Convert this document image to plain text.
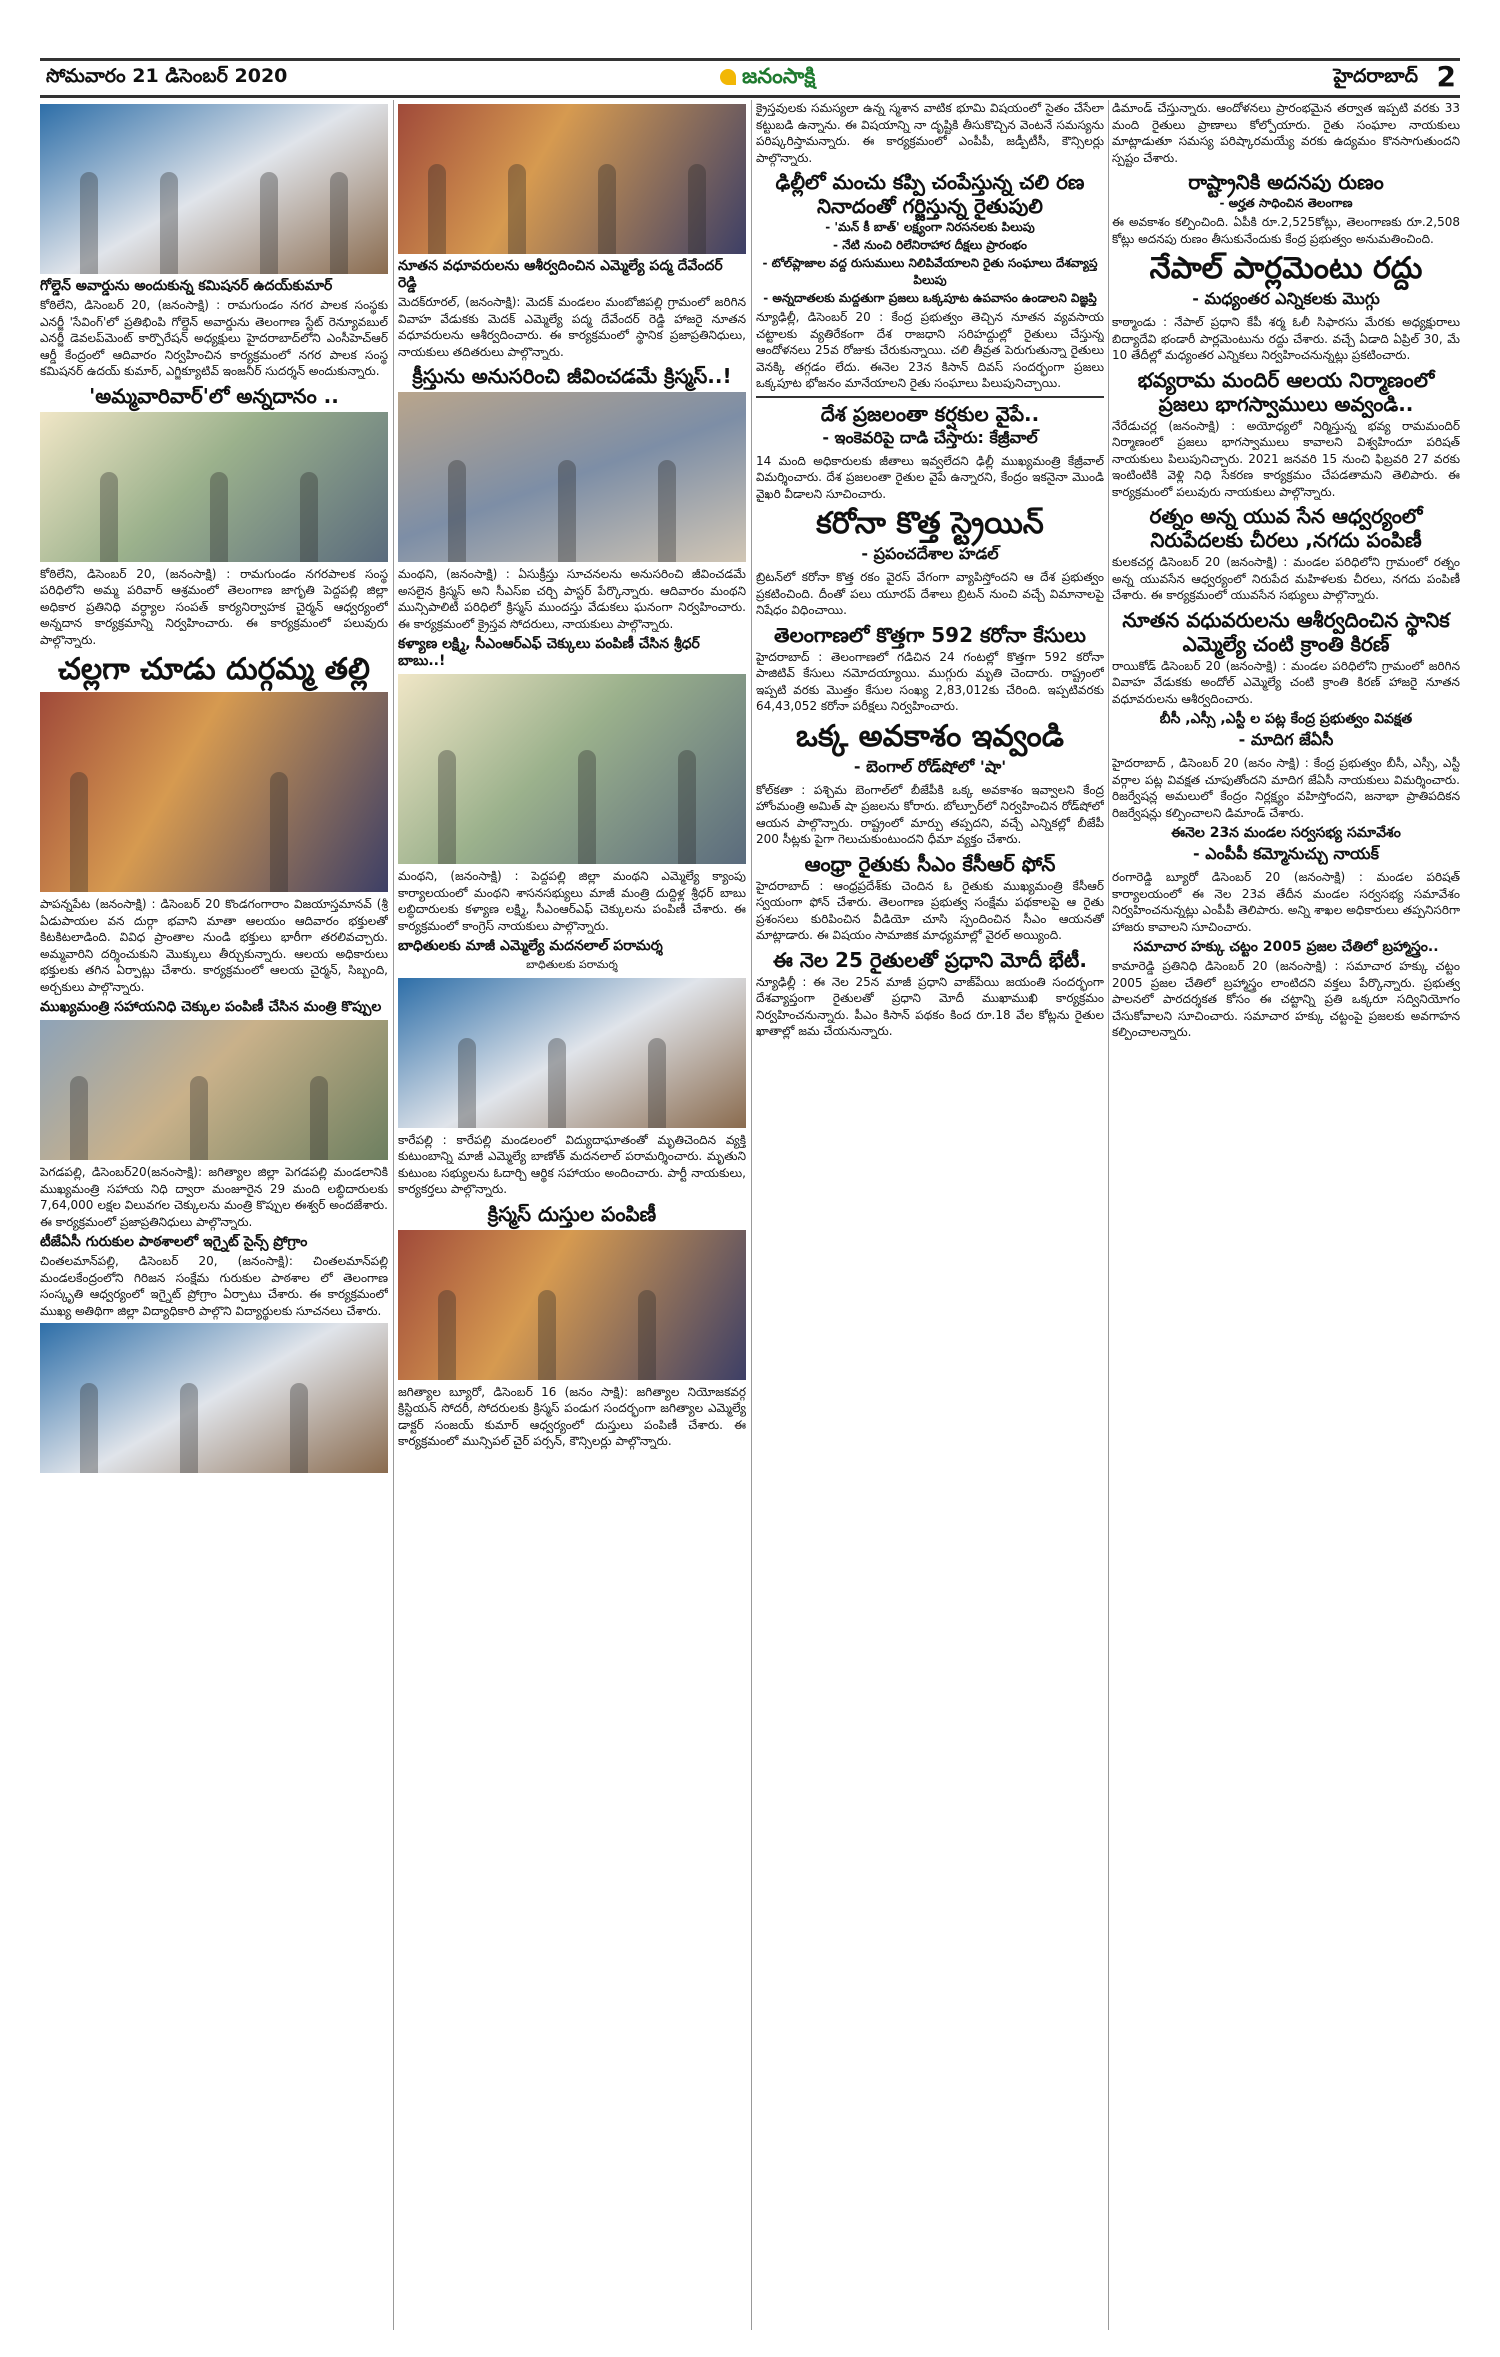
సోమవారం 21 డిసెంబర్ 2020	జనంసాక్షి	హైదరాబాద్ 2
గోల్డెన్ అవార్డును అందుకున్న కమిషనర్ ఉదయ్‌కుమార్

కోఠిలేని, డిసెంబర్ 20, (జనంసాక్షి) : రామగుండం నగర పాలక సంస్థకు ఎనర్జీ 'సేవింగ్'లో ప్రతిభింపి గోల్డెన్ అవార్డును తెలంగాణ స్టేట్ రెన్యూవబుల్ ఎనర్జీ డెవలప్‌మెంట్ కార్పొరేషన్ అధ్యక్షులు హైదరాబాద్‌లోని ఎంసీహెచ్ఆర్ ఆర్డీ కేంద్రంలో ఆదివారం నిర్వహించిన కార్యక్రమంలో నగర పాలక సంస్థ కమిషనర్ ఉదయ్ కుమార్, ఎగ్జిక్యూటివ్ ఇంజనీర్ సుదర్శన్ అందుకున్నారు.

'అమ్మవారివార్'లో అన్నదానం ..

కోఠిలేని, డిసెంబర్ 20, (జనంసాక్షి) : రామగుండం నగరపాలక సంస్థ పరిధిలోని అమ్మ పరివార్ ఆశ్రమంలో తెలంగాణ జాగృతి పెద్దపల్లి జిల్లా అధికార ప్రతినిధి వర్ధ్యాల సంపత్ కార్యనిర్వాహక చైర్మన్ ఆధ్వర్యంలో అన్నదాన కార్యక్రమాన్ని నిర్వహించారు. ఈ కార్యక్రమంలో పలువురు పాల్గొన్నారు.

చల్లగా చూడు దుర్గమ్మ తల్లి

పాపన్నపేట (జనంసాక్షి) : డిసెంబర్ 20 కొండగంగారాం విజయాస్తమానవ్ (శ్రీ ఏడుపాయల వన దుర్గా భవాని మాతా ఆలయం ఆదివారం భక్తులతో కిటకిటలాడింది. వివిధ ప్రాంతాల నుండి భక్తులు భారీగా తరలివచ్చారు. అమ్మవారిని దర్శించుకుని మొక్కులు తీర్చుకున్నారు. ఆలయ అధికారులు భక్తులకు తగిన ఏర్పాట్లు చేశారు. కార్యక్రమంలో ఆలయ చైర్మన్, సిబ్బంది, అర్చకులు పాల్గొన్నారు.

ముఖ్యమంత్రి సహాయనిధి చెక్కుల పంపిణీ చేసిన మంత్రి కొప్పుల

పెగడపల్లి, డిసెంబర్20(జనంసాక్షి): జగిత్యాల జిల్లా పెగడపల్లి మండలానికి ముఖ్యమంత్రి సహాయ నిధి ద్వారా మంజూరైన 29 మంది లబ్ధిదారులకు 7,64,000 లక్షల విలువగల చెక్కులను మంత్రి కొప్పుల ఈశ్వర్ అందజేశారు. ఈ కార్యక్రమంలో ప్రజాప్రతినిధులు పాల్గొన్నారు.

టీజేఏసీ గురుకుల పాఠశాలలో ఇగ్నైట్ సైన్స్ ప్రోగ్రాం

చింతలమాన్‌పల్లి, డిసెంబర్ 20, (జనంసాక్షి): చింతలమాన్‌పల్లి మండలకేంద్రంలోని గిరిజన సంక్షేమ గురుకుల పాఠశాల లో తెలంగాణ సంస్కృతి ఆధ్వర్యంలో ఇగ్నైట్ ప్రోగ్రాం ఏర్పాటు చేశారు. ఈ కార్యక్రమంలో ముఖ్య అతిథిగా జిల్లా విద్యాధికారి పాల్గొని విద్యార్థులకు సూచనలు చేశారు.

నూతన వధూవరులను ఆశీర్వదించిన ఎమ్మెల్యే పద్మ దేవేందర్ రెడ్డి

మెదక్‌రూరల్, (జనంసాక్షి): మెదక్ మండలం మంబోజిపల్లి గ్రామంలో జరిగిన వివాహ వేడుకకు మెదక్ ఎమ్మెల్యే పద్మ దేవేందర్ రెడ్డి హాజరై నూతన వధూవరులను ఆశీర్వదించారు. ఈ కార్యక్రమంలో స్థానిక ప్రజాప్రతినిధులు, నాయకులు తదితరులు పాల్గొన్నారు.

క్రీస్తును అనుసరించి జీవించడమే క్రిస్మస్..!

మంథని, (జనంసాక్షి) : ఏసుక్రీస్తు సూచనలను అనుసరించి జీవించడమే అసలైన క్రిస్మస్ అని సీఎస్ఐ చర్చి పాస్టర్ పేర్కొన్నారు. ఆదివారం మంథని మున్సిపాలిటీ పరిధిలో క్రిస్మస్ ముందస్తు వేడుకలు ఘనంగా నిర్వహించారు. ఈ కార్యక్రమంలో క్రైస్తవ సోదరులు, నాయకులు పాల్గొన్నారు.

కళ్యాణ లక్ష్మి, సీఎంఆర్ఎఫ్ చెక్కులు పంపిణీ చేసిన శ్రీధర్ బాబు..!

మంథని, (జనంసాక్షి) : పెద్దపల్లి జిల్లా మంథని ఎమ్మెల్యే క్యాంపు కార్యాలయంలో మంథని శాసనసభ్యులు మాజీ మంత్రి దుద్దిళ్ల శ్రీధర్ బాబు లబ్ధిదారులకు కళ్యాణ లక్ష్మి, సీఎంఆర్ఎఫ్ చెక్కులను పంపిణీ చేశారు. ఈ కార్యక్రమంలో కాంగ్రెస్ నాయకులు పాల్గొన్నారు.

బాధితులకు మాజీ ఎమ్మెల్యే మదనలాల్ పరామర్శ
బాధితులకు పరామర్శ

కారేపల్లి : కారేపల్లి మండలంలో విద్యుదాఘాతంతో మృతిచెందిన వ్యక్తి కుటుంబాన్ని మాజీ ఎమ్మెల్యే బాణోత్ మదనలాల్ పరామర్శించారు. మృతుని కుటుంబ సభ్యులను ఓదార్చి ఆర్థిక సహాయం అందించారు. పార్టీ నాయకులు, కార్యకర్తలు పాల్గొన్నారు.

క్రిస్మస్ దుస్తుల పంపిణీ

జగిత్యాల బ్యూరో, డిసెంబర్ 16 (జనం సాక్షి): జగిత్యాల నియోజకవర్గ క్రిస్టియన్ సోదరీ, సోదరులకు క్రిస్మస్ పండుగ సందర్భంగా జగిత్యాల ఎమ్మెల్యే డాక్టర్ సంజయ్ కుమార్ ఆధ్వర్యంలో దుస్తులు పంపిణీ చేశారు. ఈ కార్యక్రమంలో మున్సిపల్ చైర్ పర్సన్, కౌన్సిలర్లు పాల్గొన్నారు.

క్రైస్తవులకు సమస్యలా ఉన్న స్మశాన వాటిక భూమి విషయంలో సైతం చేసేలా కట్టుబడి ఉన్నాను. ఈ విషయాన్ని నా దృష్టికి తీసుకొచ్చిన వెంటనే సమస్యను పరిష్కరిస్తామన్నారు. ఈ కార్యక్రమంలో ఎంపీపీ, జడ్పీటీసీ, కౌన్సిలర్లు పాల్గొన్నారు.

ఢిల్లీలో మంచు కప్పి చంపేస్తున్న చలి రణ నినాదంతో గర్జిస్తున్న రైతుపులి
- 'మన్ కీ బాత్' లక్ష్యంగా నిరసనలకు పిలుపు
- నేటి నుంచి రిలేనిరాహార దీక్షలు ప్రారంభం
- టోల్‌ప్లాజాల వద్ద రుసుములు నిలిపివేయాలని రైతు సంఘాలు దేశవ్యాప్త పిలుపు
- అన్నదాతలకు మద్దతుగా ప్రజలు ఒక్కపూట ఉపవాసం ఉండాలని విజ్ఞప్తి

న్యూఢిల్లీ, డిసెంబర్ 20 : కేంద్ర ప్రభుత్వం తెచ్చిన నూతన వ్యవసాయ చట్టాలకు వ్యతిరేకంగా దేశ రాజధాని సరిహద్దుల్లో రైతులు చేస్తున్న ఆందోళనలు 25వ రోజుకు చేరుకున్నాయి. చలి తీవ్రత పెరుగుతున్నా రైతులు వెనక్కి తగ్గడం లేదు. ఈనెల 23న కిసాన్ దివస్ సందర్భంగా ప్రజలు ఒక్కపూట భోజనం మానేయాలని రైతు సంఘాలు పిలుపునిచ్చాయి.

దేశ ప్రజలంతా కర్షకుల వైపే..
- ఇంకెవరిపై దాడి చేస్తారు: కేజ్రీవాల్

14 మంది అధికారులకు జీతాలు ఇవ్వలేదని ఢిల్లీ ముఖ్యమంత్రి కేజ్రీవాల్ విమర్శించారు. దేశ ప్రజలంతా రైతుల వైపే ఉన్నారని, కేంద్రం ఇకనైనా మొండి వైఖరి వీడాలని సూచించారు.

కరోనా కొత్త స్ట్రెయిన్
- ప్రపంచదేశాల హడల్

బ్రిటన్‌లో కరోనా కొత్త రకం వైరస్ వేగంగా వ్యాపిస్తోందని ఆ దేశ ప్రభుత్వం ప్రకటించింది. దీంతో పలు యూరప్ దేశాలు బ్రిటన్ నుంచి వచ్చే విమానాలపై నిషేధం విధించాయి.

తెలంగాణలో కొత్తగా 592 కరోనా కేసులు

హైదరాబాద్ : తెలంగాణలో గడిచిన 24 గంటల్లో కొత్తగా 592 కరోనా పాజిటివ్ కేసులు నమోదయ్యాయి. ముగ్గురు మృతి చెందారు. రాష్ట్రంలో ఇప్పటి వరకు మొత్తం కేసుల సంఖ్య 2,83,012కు చేరింది. ఇప్పటివరకు 64,43,052 కరోనా పరీక్షలు నిర్వహించారు.

ఒక్క అవకాశం ఇవ్వండి
- బెంగాల్ రోడ్‌షోలో 'షా'

కోల్‌కతా : పశ్చిమ బెంగాల్‌లో బీజేపీకి ఒక్క అవకాశం ఇవ్వాలని కేంద్ర హోంమంత్రి అమిత్ షా ప్రజలను కోరారు. బోల్పూర్‌లో నిర్వహించిన రోడ్‌షోలో ఆయన పాల్గొన్నారు. రాష్ట్రంలో మార్పు తప్పదని, వచ్చే ఎన్నికల్లో బీజేపీ 200 సీట్లకు పైగా గెలుచుకుంటుందని ధీమా వ్యక్తం చేశారు.

ఆంధ్రా రైతుకు సీఎం కేసీఆర్ ఫోన్

హైదరాబాద్ : ఆంధ్రప్రదేశ్‌కు చెందిన ఓ రైతుకు ముఖ్యమంత్రి కేసీఆర్ స్వయంగా ఫోన్ చేశారు. తెలంగాణ ప్రభుత్వ సంక్షేమ పథకాలపై ఆ రైతు ప్రశంసలు కురిపించిన వీడియో చూసి స్పందించిన సీఎం ఆయనతో మాట్లాడారు. ఈ విషయం సామాజిక మాధ్యమాల్లో వైరల్ అయ్యింది.

ఈ నెల 25 రైతులతో ప్రధాని మోదీ భేటీ.

న్యూఢిల్లీ : ఈ నెల 25న మాజీ ప్రధాని వాజ్‌పేయి జయంతి సందర్భంగా దేశవ్యాప్తంగా రైతులతో ప్రధాని మోదీ ముఖాముఖి కార్యక్రమం నిర్వహించనున్నారు. పీఎం కిసాన్ పథకం కింద రూ.18 వేల కోట్లను రైతుల ఖాతాల్లో జమ చేయనున్నారు.

డిమాండ్ చేస్తున్నారు. ఆందోళనలు ప్రారంభమైన తర్వాత ఇప్పటి వరకు 33 మంది రైతులు ప్రాణాలు కోల్పోయారు. రైతు సంఘాల నాయకులు మాట్లాడుతూ సమస్య పరిష్కారమయ్యే వరకు ఉద్యమం కొనసాగుతుందని స్పష్టం చేశారు.

రాష్ట్రానికి అదనపు రుణం
- అర్హత సాధించిన తెలంగాణ

ఈ అవకాశం కల్పించింది. ఏపీకి రూ.2,525కోట్లు, తెలంగాణకు రూ.2,508 కోట్లు అదనపు రుణం తీసుకునేందుకు కేంద్ర ప్రభుత్వం అనుమతించింది.

నేపాల్ పార్లమెంటు రద్దు
- మధ్యంతర ఎన్నికలకు మొగ్గు

కాఠ్మాండు : నేపాల్ ప్రధాని కేపీ శర్మ ఓలీ సిఫారసు మేరకు అధ్యక్షురాలు బిద్యాదేవి భండారీ పార్లమెంటును రద్దు చేశారు. వచ్చే ఏడాది ఏప్రిల్ 30, మే 10 తేదీల్లో మధ్యంతర ఎన్నికలు నిర్వహించనున్నట్లు ప్రకటించారు.

భవ్యరామ మందిర్ ఆలయ నిర్మాణంలో ప్రజలు భాగస్వాములు అవ్వండి..

నేరేడుచర్ల (జనంసాక్షి) : అయోధ్యలో నిర్మిస్తున్న భవ్య రామమందిర్ నిర్మాణంలో ప్రజలు భాగస్వాములు కావాలని విశ్వహిందూ పరిషత్ నాయకులు పిలుపునిచ్చారు. 2021 జనవరి 15 నుంచి ఫిబ్రవరి 27 వరకు ఇంటింటికి వెళ్లి నిధి సేకరణ కార్యక్రమం చేపడతామని తెలిపారు. ఈ కార్యక్రమంలో పలువురు నాయకులు పాల్గొన్నారు.

రత్నం అన్న యువ సేన ఆధ్వర్యంలో నిరుపేదలకు చీరలు ,నగదు పంపిణీ

కులకచర్ల డిసెంబర్ 20 (జనంసాక్షి) : మండల పరిధిలోని గ్రామంలో రత్నం అన్న యువసేన ఆధ్వర్యంలో నిరుపేద మహిళలకు చీరలు, నగదు పంపిణీ చేశారు. ఈ కార్యక్రమంలో యువసేన సభ్యులు పాల్గొన్నారు.

నూతన వధువరులను ఆశీర్వదించిన స్థానిక ఎమ్మెల్యే చంటి క్రాంతి కిరణ్

రాయికోడ్ డిసెంబర్ 20 (జనంసాక్షి) : మండల పరిధిలోని గ్రామంలో జరిగిన వివాహ వేడుకకు అందోల్ ఎమ్మెల్యే చంటి క్రాంతి కిరణ్ హాజరై నూతన వధూవరులను ఆశీర్వదించారు.

బీసీ ,ఎస్సీ ,ఎస్టీ ల పట్ల కేంద్ర ప్రభుత్వం వివక్షత
- మాదిగ జేఏసీ

హైదరాబాద్ , డిసెంబర్ 20 (జనం సాక్షి) : కేంద్ర ప్రభుత్వం బీసీ, ఎస్సీ, ఎస్టీ వర్గాల పట్ల వివక్షత చూపుతోందని మాదిగ జేఏసీ నాయకులు విమర్శించారు. రిజర్వేషన్ల అమలులో కేంద్రం నిర్లక్ష్యం వహిస్తోందని, జనాభా ప్రాతిపదికన రిజర్వేషన్లు కల్పించాలని డిమాండ్ చేశారు.

ఈనెల 23న మండల సర్వసభ్య సమావేశం
- ఎంపీపీ కమ్మోనుచ్చు నాయక్

రంగారెడ్డి బ్యూరో డిసెంబర్ 20 (జనంసాక్షి) : మండల పరిషత్ కార్యాలయంలో ఈ నెల 23వ తేదీన మండల సర్వసభ్య సమావేశం నిర్వహించనున్నట్లు ఎంపీపీ తెలిపారు. అన్ని శాఖల అధికారులు తప్పనిసరిగా హాజరు కావాలని సూచించారు.

సమాచార హక్కు చట్టం 2005 ప్రజల చేతిలో బ్రహ్మాస్త్రం..

కామారెడ్డి ప్రతినిధి డిసెంబర్ 20 (జనంసాక్షి) : సమాచార హక్కు చట్టం 2005 ప్రజల చేతిలో బ్రహ్మాస్త్రం లాంటిదని వక్తలు పేర్కొన్నారు. ప్రభుత్వ పాలనలో పారదర్శకత కోసం ఈ చట్టాన్ని ప్రతి ఒక్కరూ సద్వినియోగం చేసుకోవాలని సూచించారు. సమాచార హక్కు చట్టంపై ప్రజలకు అవగాహన కల్పించాలన్నారు.
